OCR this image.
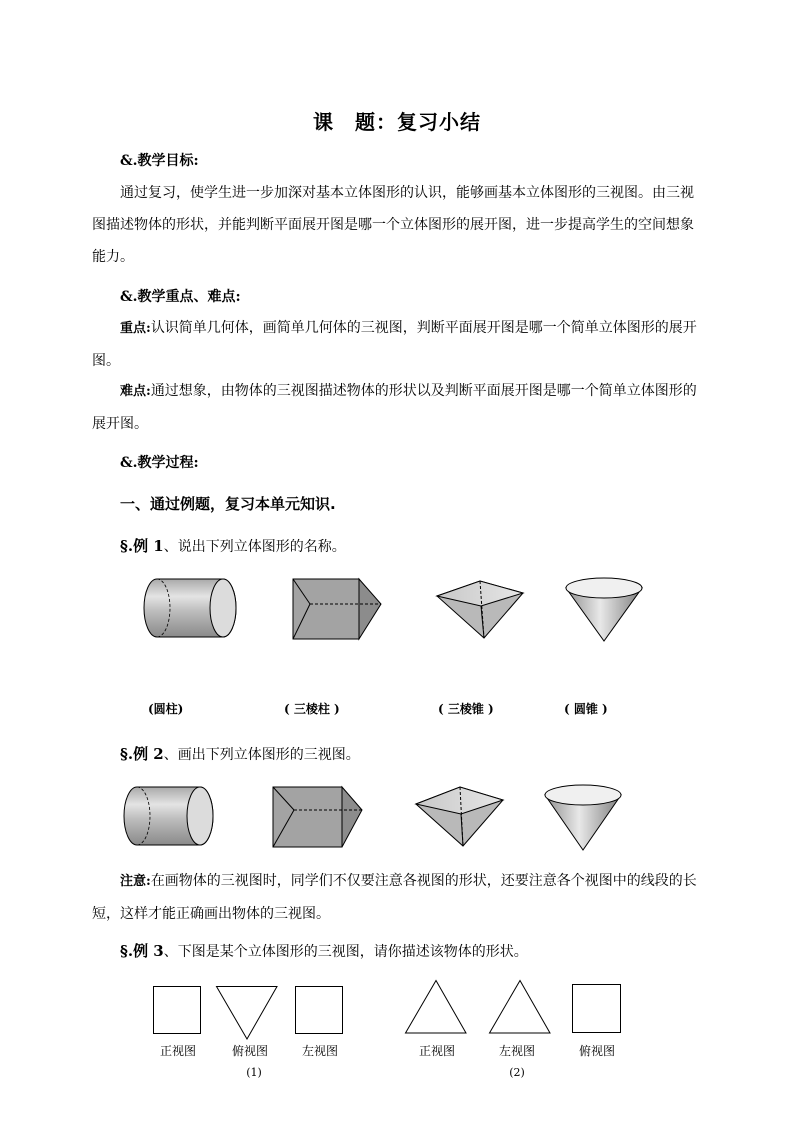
课　题：复习小结
&.教学目标:
通过复习，使学生进一步加深对基本立体图形的认识，能够画基本立体图形的三视图。由三视图描述物体的形状，并能判断平面展开图是哪一个立体图形的展开图，进一步提高学生的空间想象能力。
&.教学重点、难点:
重点:认识简单几何体，画简单几何体的三视图，判断平面展开图是哪一个简单立体图形的展开图。
难点:通过想象，由物体的三视图描述物体的形状以及判断平面展开图是哪一个简单立体图形的展开图。
&.教学过程:
一、通过例题，复习本单元知识.
§.例 1、说出下列立体图形的名称。
(圆柱)	( 三棱柱 )	( 三棱锥 )	( 圆锥 )
§.例 2、画出下列立体图形的三视图。
注意:在画物体的三视图时，同学们不仅要注意各视图的形状，还要注意各个视图中的线段的长短，这样才能正确画出物体的三视图。
§.例 3、下图是某个立体图形的三视图，请你描述该物体的形状。
正视图	俯视图	左视图
(1)
正视图	左视图	俯视图
(2)
